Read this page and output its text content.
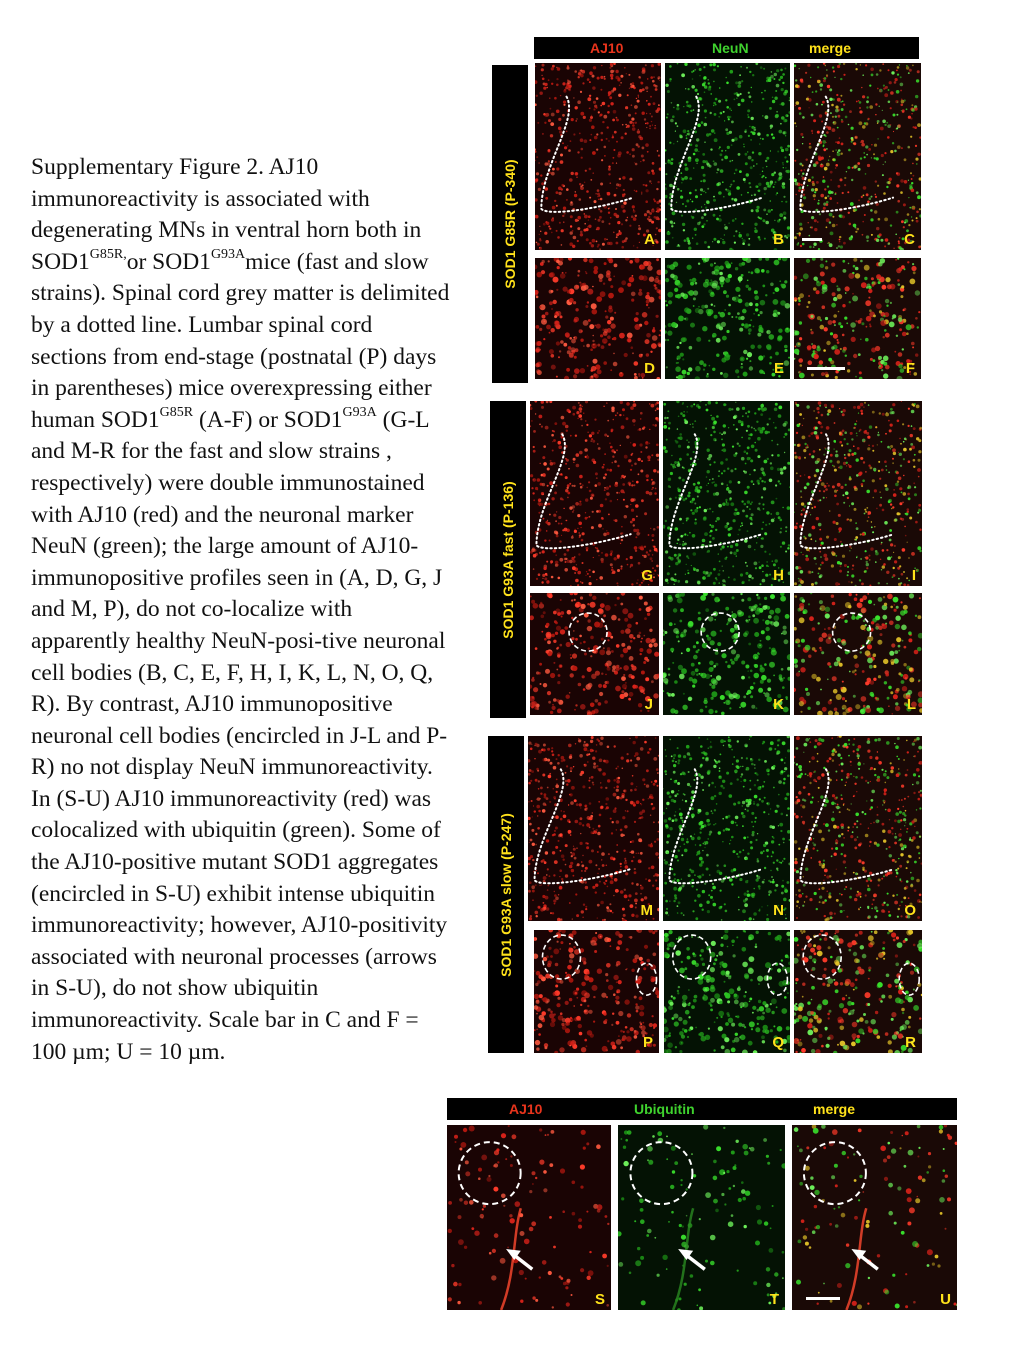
Supplementary Figure 2. AJ10 immunoreactivity is associated with degenerating MNs in ventral horn both in $SOD1^{G85R,}or$ $SOD1^{G93A}mice$ (fast and slow strains). Spinal cord grey matter is delimited by a dotted line. Lumbar spinal cord sections from end-stage (postnatal (P) days in parentheses) mice overexpressing either human $SOD1^{G85R}$ (A-F) or $SOD1^{G93A}$ (G-L and M-R for the fast and slow strains , respectively) were double immunostained with AJ10 (red) and the neuronal marker NeuN (green); the large amount of AJ10-immunopositive profiles seen in (A, D, G, J and M, P), do not co-localize with apparently healthy NeuN-posi-tive neuronal cell bodies (B, C, E, F, H, I, K, L, N, O, Q, R). By contrast, AJ10 immunopositive neuronal cell bodies (encircled in J-L and P-R) no not display NeuN immunoreactivity. In (S-U) AJ10 immunoreactivity (red) was colocalized with ubiquitin (green). Some of the AJ10-positive mutant SOD1 aggregates (encircled in S-U) exhibit intense ubiquitin immunoreactivity; however, AJ10-positivity associated with neuronal processes (arrows in S-U), do not show ubiquitin immunoreactivity. Scale bar in C and F = 100 µm; U = 10 µm.
AJ10	NeuN	merge
SOD1 G85R (P-340)
SOD1 G93A fast (P-136)
SOD1 G93A slow (P-247)
A	B	C
D	E	F
G	H	I
J	K	L
M	N	O
P	Q	R
AJ10	Ubiquitin	merge
S	T	U
